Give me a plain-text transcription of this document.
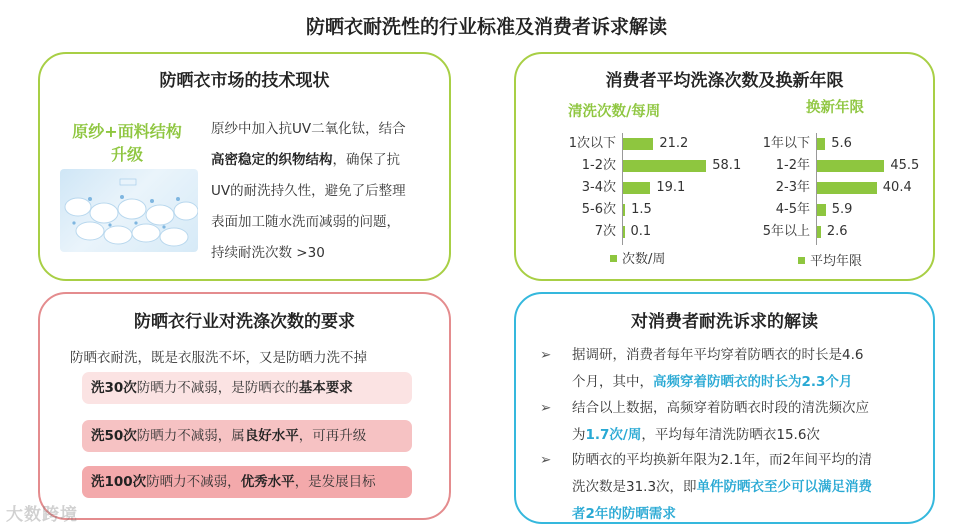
防晒衣耐洗性的行业标准及消费者诉求解读
防晒衣市场的技术现状
原纱+面料结构
升级
原纱中加入抗UV二氧化钛，结合
高密稳定的织物结构，确保了抗
UV的耐洗持久性，避免了后整理
表面加工随水洗而减弱的问题，
持续耐洗次数 >30
消费者平均洗涤次数及换新年限
清洗次数/每周	换新年限
1次以下	21.2
1-2次	58.1
3-4次	19.1
5-6次 1.5
7次 0.1
1年以下 5.6
1-2年	45.5
2-3年	40.4
4-5年 5.9
5年以上 2.6
次数/周	平均年限
防晒衣行业对洗涤次数的要求
防晒衣耐洗，既是衣服洗不坏，又是防晒力洗不掉
洗30次防晒力不减弱，是防晒衣的基本要求
洗50次防晒力不减弱，属良好水平，可再升级
洗100次防晒力不减弱，优秀水平，是发展目标
对消费者耐洗诉求的解读
➢ 据调研，消费者每年平均穿着防晒衣的时长是4.6
个月，其中，高频穿着防晒衣的时长为2.3个月
➢ 结合以上数据，高频穿着防晒衣时段的清洗频次应
为1.7次/周，平均每年清洗防晒衣15.6次
➢ 防晒衣的平均换新年限为2.1年，而2年间平均的清
洗次数是31.3次，即单件防晒衣至少可以满足消费
者2年的防晒需求
大数跨境
